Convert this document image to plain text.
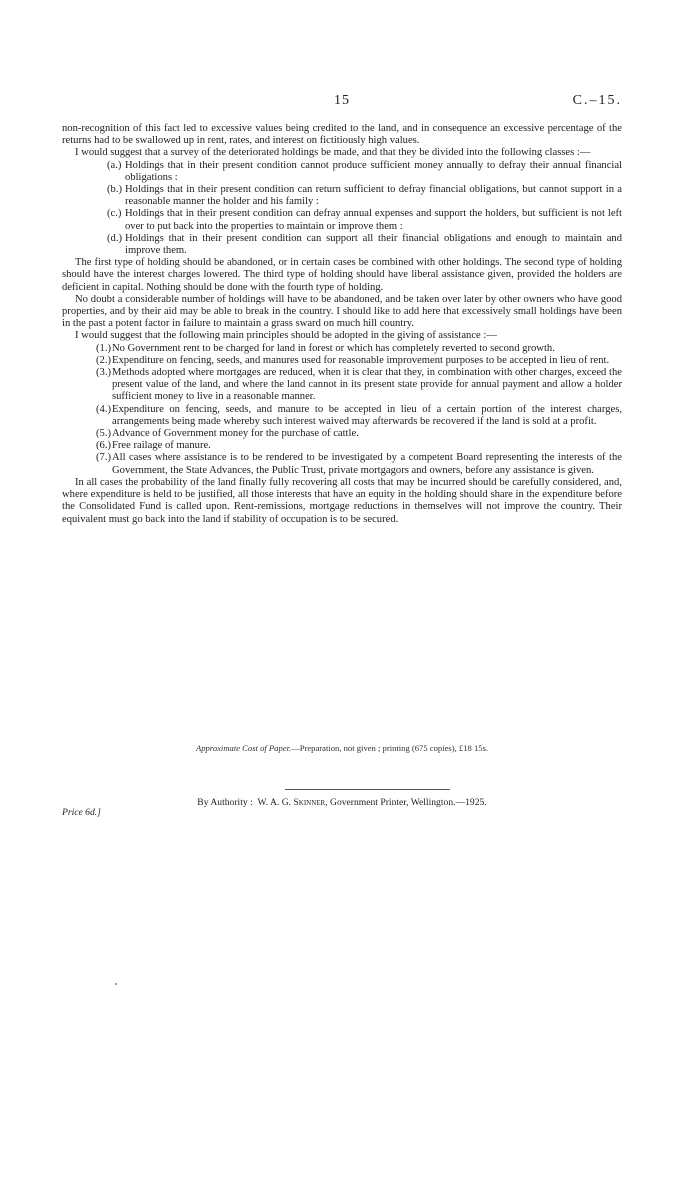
15	C.–15.

non-recognition of this fact led to excessive values being credited to the land, and in consequence an excessive percentage of the returns had to be swallowed up in rent, rates, and interest on fictitiously high values.

I would suggest that a survey of the deteriorated holdings be made, and that they be divided into the following classes :—

(a.) Holdings that in their present condition cannot produce sufficient money annually to defray their annual financial obligations :
(b.) Holdings that in their present condition can return sufficient to defray financial obligations, but cannot support in a reasonable manner the holder and his family :
(c.) Holdings that in their present condition can defray annual expenses and support the holders, but sufficient is not left over to put back into the properties to maintain or improve them :
(d.) Holdings that in their present condition can support all their financial obligations and enough to maintain and improve them.

The first type of holding should be abandoned, or in certain cases be combined with other holdings. The second type of holding should have the interest charges lowered. The third type of holding should have liberal assistance given, provided the holders are deficient in capital. Nothing should be done with the fourth type of holding.

No doubt a considerable number of holdings will have to be abandoned, and be taken over later by other owners who have good properties, and by their aid may be able to break in the country. I should like to add here that excessively small holdings have been in the past a potent factor in failure to maintain a grass sward on much hill country.

I would suggest that the following main principles should be adopted in the giving of assistance :—

(1.) No Government rent to be charged for land in forest or which has completely reverted to second growth.
(2.) Expenditure on fencing, seeds, and manures used for reasonable improvement purposes to be accepted in lieu of rent.
(3.) Methods adopted where mortgages are reduced, when it is clear that they, in combination with other charges, exceed the present value of the land, and where the land cannot in its present state provide for annual payment and allow a holder sufficient money to live in a reasonable manner.
(4.) Expenditure on fencing, seeds, and manure to be accepted in lieu of a certain portion of the interest charges, arrangements being made whereby such interest waived may afterwards be recovered if the land is sold at a profit.
(5.) Advance of Government money for the purchase of cattle.
(6.) Free railage of manure.
(7.) All cases where assistance is to be rendered to be investigated by a competent Board representing the interests of the Government, the State Advances, the Public Trust, private mortgagors and owners, before any assistance is given.

In all cases the probability of the land finally fully recovering all costs that may be incurred should be carefully considered, and, where expenditure is held to be justified, all those interests that have an equity in the holding should share in the expenditure before the Consolidated Fund is called upon. Rent-remissions, mortgage reductions in themselves will not improve the country. Their equivalent must go back into the land if stability of occupation is to be secured.

Approximate Cost of Paper.—Preparation, not given ; printing (675 copies), £18 15s.
By Authority : W. A. G. Skinner, Government Printer, Wellington.—1925.
Price 6d.]
